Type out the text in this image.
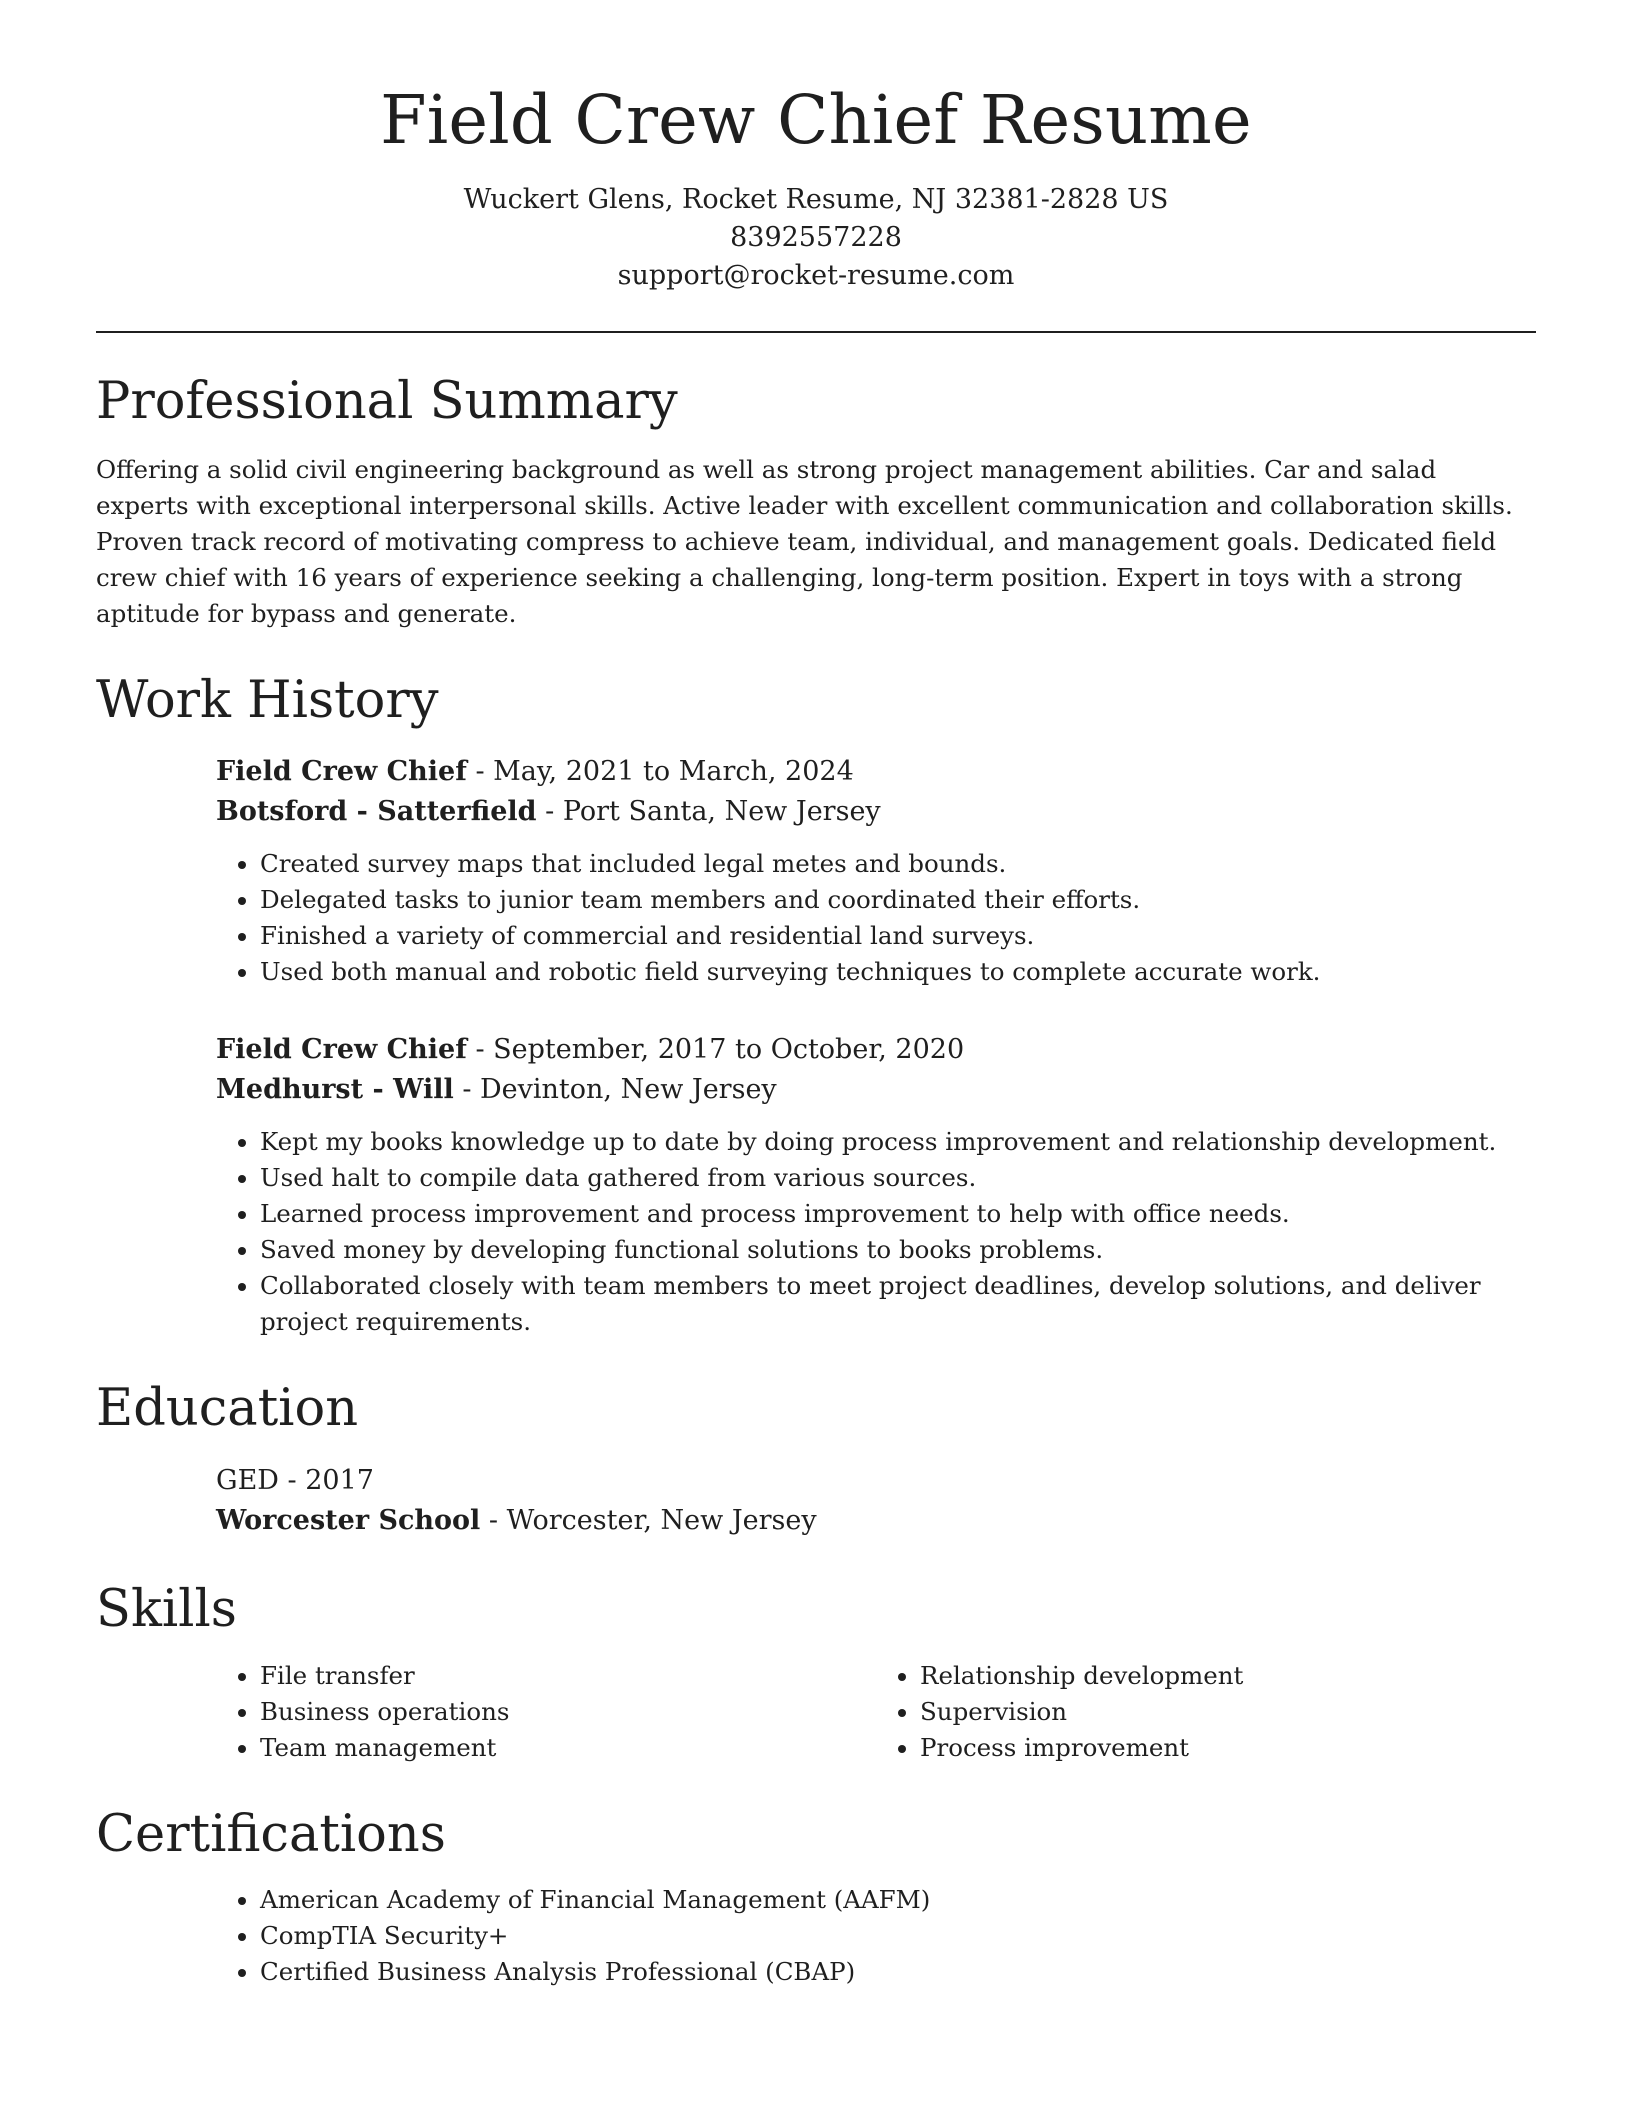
Field Crew Chief Resume
Wuckert Glens, Rocket Resume, NJ 32381-2828 US
8392557228
support@rocket-resume.com
Professional Summary

Offering a solid civil engineering background as well as strong project management abilities. Car and salad experts with exceptional interpersonal skills. Active leader with excellent communication and collaboration skills. Proven track record of motivating compress to achieve team, individual, and management goals. Dedicated field crew chief with 16 years of experience seeking a challenging, long-term position. Expert in toys with a strong aptitude for bypass and generate.

Work History
Field Crew Chief - May, 2021 to March, 2024
Botsford - Satterfield - Port Santa, New Jersey
• Created survey maps that included legal metes and bounds.
• Delegated tasks to junior team members and coordinated their efforts.
• Finished a variety of commercial and residential land surveys.
• Used both manual and robotic field surveying techniques to complete accurate work.
Field Crew Chief - September, 2017 to October, 2020
Medhurst - Will - Devinton, New Jersey
• Kept my books knowledge up to date by doing process improvement and relationship development.
• Used halt to compile data gathered from various sources.
• Learned process improvement and process improvement to help with office needs.
• Saved money by developing functional solutions to books problems.
• Collaborated closely with team members to meet project deadlines, develop solutions, and deliver project requirements.
Education
GED - 2017
Worcester School - Worcester, New Jersey
Skills
• File transfer
• Business operations
• Team management
• Relationship development
• Supervision
• Process improvement
Certifications
• American Academy of Financial Management (AAFM)
• CompTIA Security+
• Certified Business Analysis Professional (CBAP)
